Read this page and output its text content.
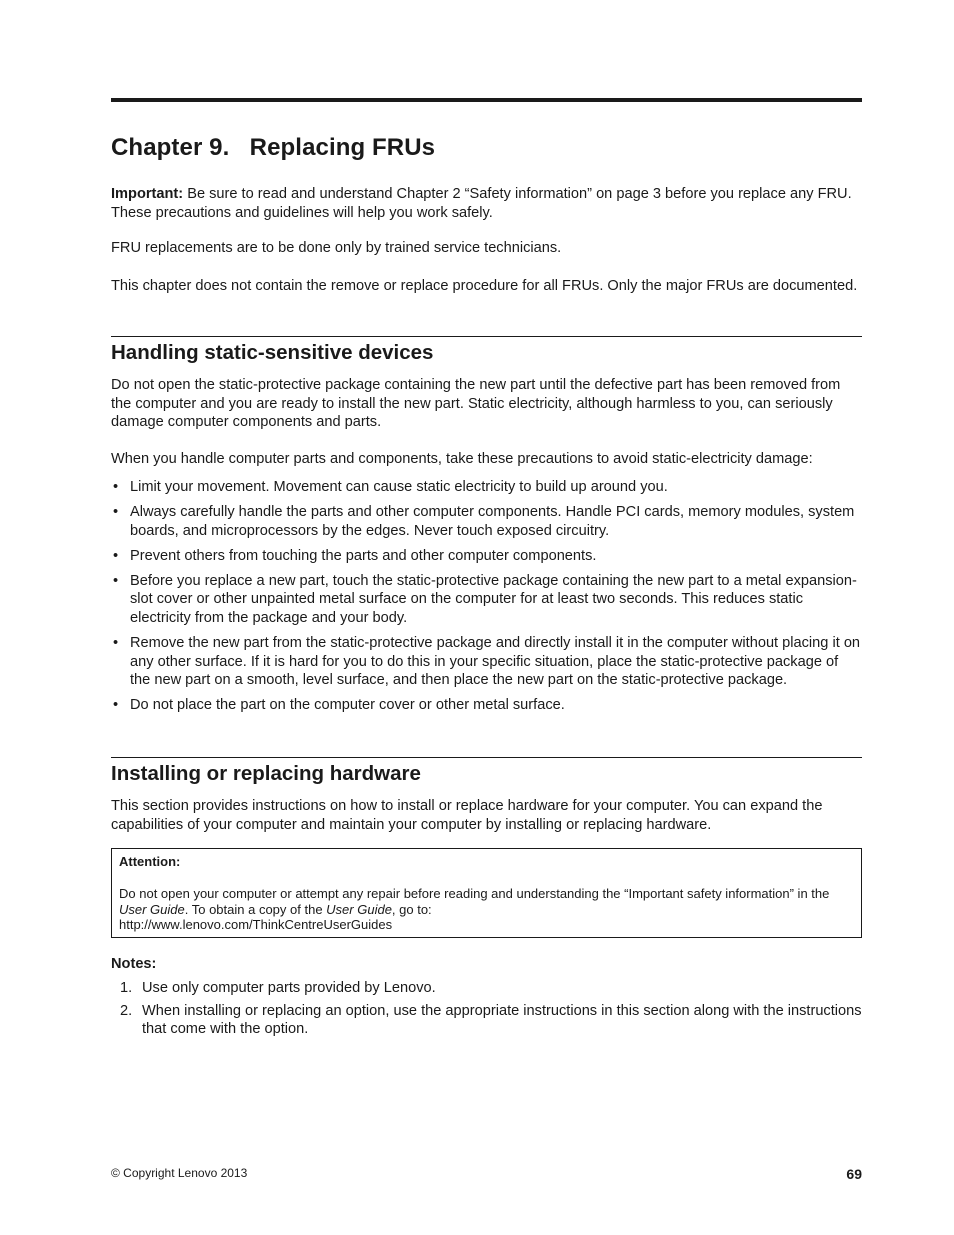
Chapter 9.   Replacing FRUs

Important: Be sure to read and understand Chapter 2 “Safety information” on page 3 before you replace any FRU. These precautions and guidelines will help you work safely.

FRU replacements are to be done only by trained service technicians.

This chapter does not contain the remove or replace procedure for all FRUs. Only the major FRUs are documented.

Handling static-sensitive devices

Do not open the static-protective package containing the new part until the defective part has been removed from the computer and you are ready to install the new part. Static electricity, although harmless to you, can seriously damage computer components and parts.

When you handle computer parts and components, take these precautions to avoid static-electricity damage:

• Limit your movement. Movement can cause static electricity to build up around you.
• Always carefully handle the parts and other computer components. Handle PCI cards, memory modules, system boards, and microprocessors by the edges. Never touch exposed circuitry.
• Prevent others from touching the parts and other computer components.
• Before you replace a new part, touch the static-protective package containing the new part to a metal expansion-slot cover or other unpainted metal surface on the computer for at least two seconds. This reduces static electricity from the package and your body.
• Remove the new part from the static-protective package and directly install it in the computer without placing it on any other surface. If it is hard for you to do this in your specific situation, place the static-protective package of the new part on a smooth, level surface, and then place the new part on the static-protective package.
• Do not place the part on the computer cover or other metal surface.
Installing or replacing hardware

This section provides instructions on how to install or replace hardware for your computer. You can expand the capabilities of your computer and maintain your computer by installing or replacing hardware.

Attention:
Do not open your computer or attempt any repair before reading and understanding the “Important safety information” in the User Guide. To obtain a copy of the User Guide, go to:
http://www.lenovo.com/ThinkCentreUserGuides
Notes:
1. Use only computer parts provided by Lenovo.
2. When installing or replacing an option, use the appropriate instructions in this section along with the instructions that come with the option.
© Copyright Lenovo 2013	69
